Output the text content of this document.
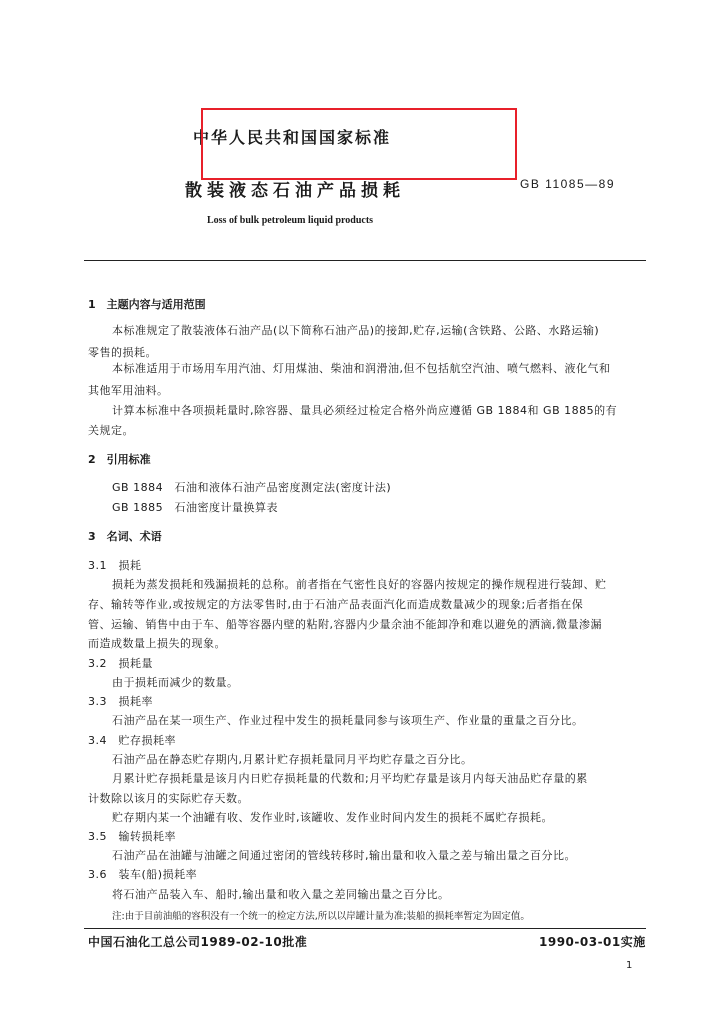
中华人民共和国国家标准
散装液态石油产品损耗	GB 11085—89
Loss of bulk petroleum liquid products
1　主题内容与适用范围
本标准规定了散装液体石油产品(以下简称石油产品)的接卸,贮存,运输(含铁路、公路、水路运输)
零售的损耗。
本标准适用于市场用车用汽油、灯用煤油、柴油和润滑油,但不包括航空汽油、喷气燃料、液化气和
其他军用油料。
计算本标准中各项损耗量时,除容器、量具必须经过检定合格外尚应遵循 GB 1884和 GB 1885的有
关规定。
2　引用标准
GB 1884　石油和液体石油产品密度测定法(密度计法)
GB 1885　石油密度计量换算表
3　名词、术语
3.1　损耗
损耗为蒸发损耗和残漏损耗的总称。前者指在气密性良好的容器内按规定的操作规程进行装卸、贮
存、输转等作业,或按规定的方法零售时,由于石油产品表面汽化而造成数量减少的现象;后者指在保
管、运输、销售中由于车、船等容器内壁的粘附,容器内少量余油不能卸净和难以避免的洒滴,微量渗漏
而造成数量上损失的现象。
3.2　损耗量
由于损耗而减少的数量。
3.3　损耗率
石油产品在某一项生产、作业过程中发生的损耗量同参与该项生产、作业量的重量之百分比。
3.4　贮存损耗率
石油产品在静态贮存期内,月累计贮存损耗量同月平均贮存量之百分比。
月累计贮存损耗量是该月内日贮存损耗量的代数和;月平均贮存量是该月内每天油品贮存量的累
计数除以该月的实际贮存天数。
贮存期内某一个油罐有收、发作业时,该罐收、发作业时间内发生的损耗不属贮存损耗。
3.5　输转损耗率
石油产品在油罐与油罐之间通过密闭的管线转移时,输出量和收入量之差与输出量之百分比。
3.6　装车(船)损耗率
将石油产品装入车、船时,输出量和收入量之差同输出量之百分比。
注:由于目前油船的容积没有一个统一的检定方法,所以以岸罐计量为准;装船的损耗率暂定为固定值。
中国石油化工总公司1989-02-10批准	1990-03-01实施
1
